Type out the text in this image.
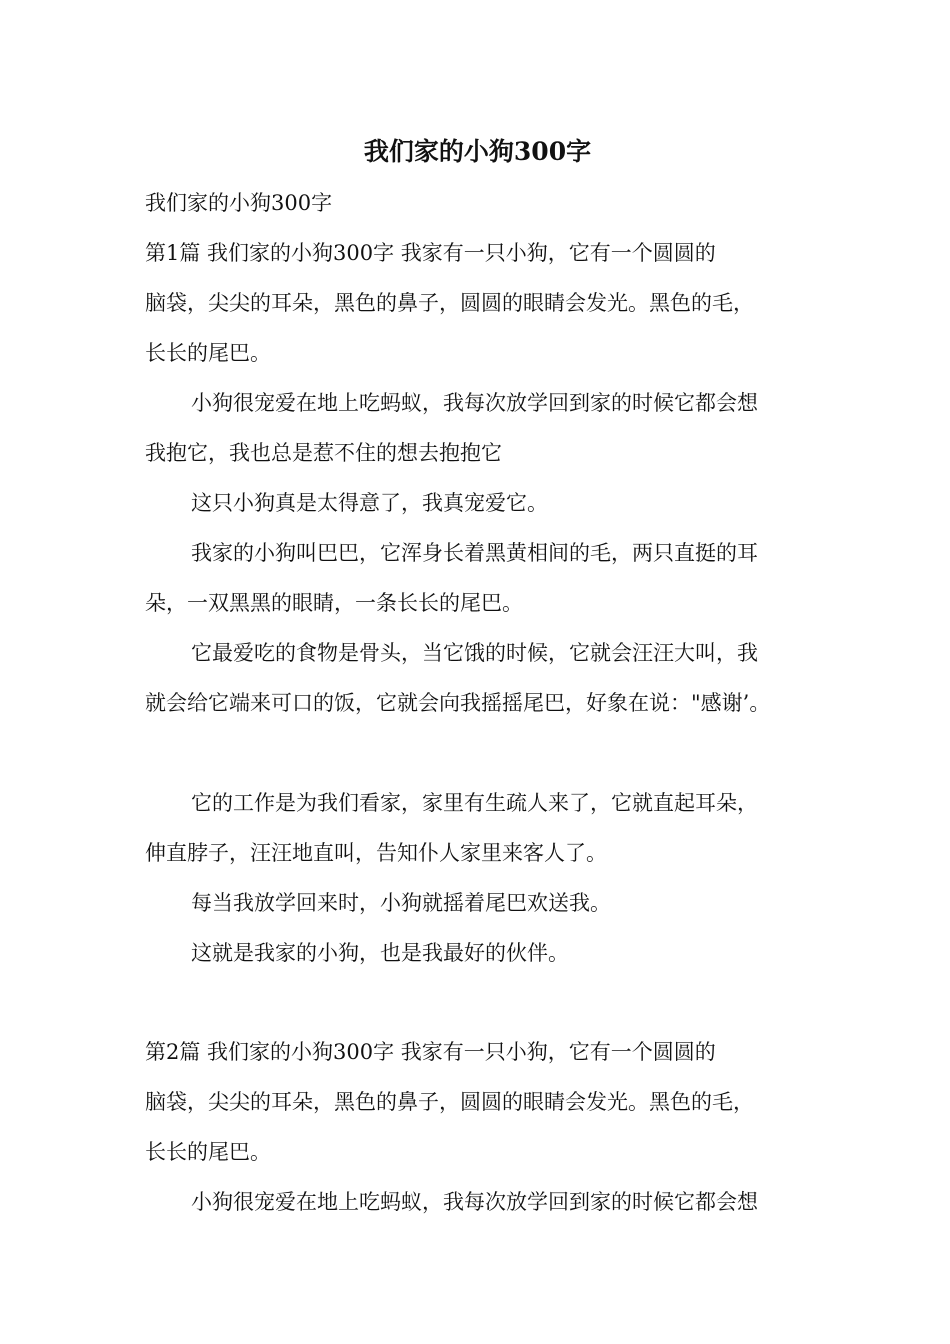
我们家的小狗300字

我们家的小狗300字

第1篇 我们家的小狗300字 我家有一只小狗，它有一个圆圆的

脑袋，尖尖的耳朵，黑色的鼻子，圆圆的眼睛会发光。黑色的毛，

长长的尾巴。

小狗很宠爱在地上吃蚂蚁，我每次放学回到家的时候它都会想

我抱它，我也总是惹不住的想去抱抱它

这只小狗真是太得意了，我真宠爱它。

我家的小狗叫巴巴，它浑身长着黑黄相间的毛，两只直挺的耳

朵，一双黑黑的眼睛，一条长长的尾巴。

它最爱吃的食物是骨头，当它饿的时候，它就会汪汪大叫，我

就会给它端来可口的饭，它就会向我摇摇尾巴，好象在说："感谢’。

它的工作是为我们看家，家里有生疏人来了，它就直起耳朵，

伸直脖子，汪汪地直叫，告知仆人家里来客人了。

每当我放学回来时，小狗就摇着尾巴欢送我。

这就是我家的小狗，也是我最好的伙伴。

第2篇 我们家的小狗300字 我家有一只小狗，它有一个圆圆的

脑袋，尖尖的耳朵，黑色的鼻子，圆圆的眼睛会发光。黑色的毛，

长长的尾巴。

小狗很宠爱在地上吃蚂蚁，我每次放学回到家的时候它都会想
